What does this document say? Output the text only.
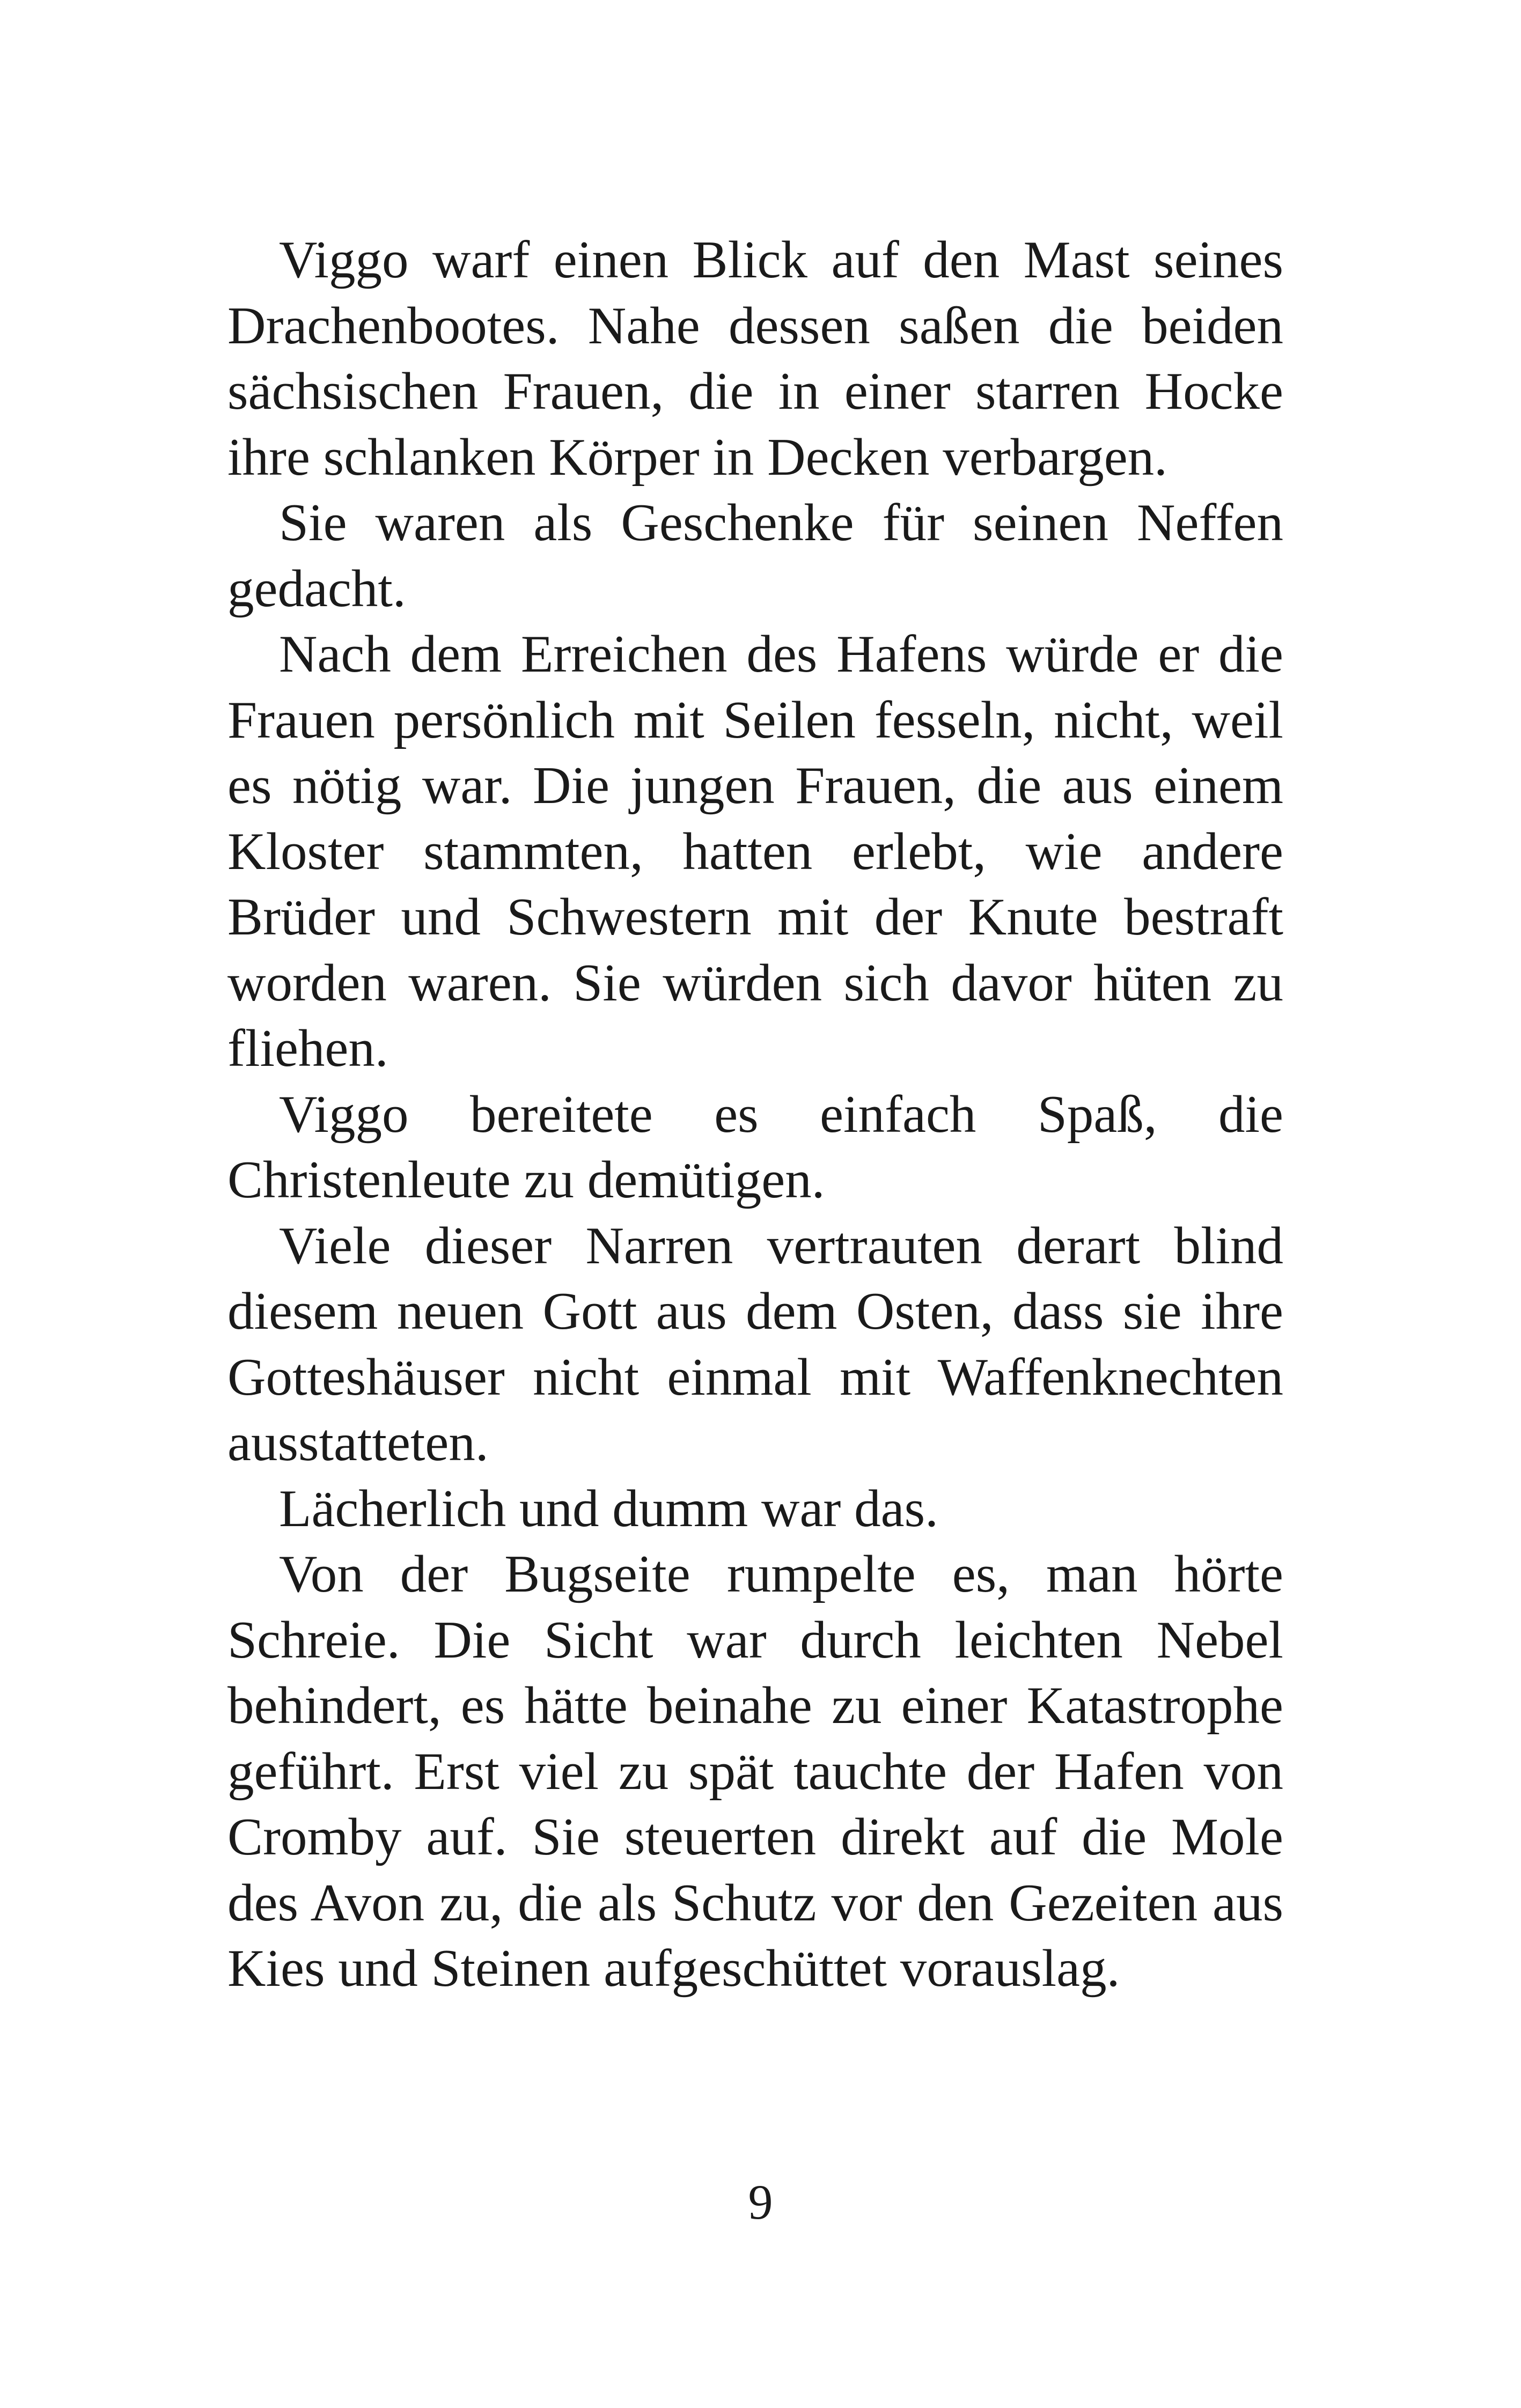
Viggo warf einen Blick auf den Mast seines Drachenbootes. Nahe dessen saßen die beiden sächsischen Frauen, die in einer starren Hocke ihre schlanken Körper in Decken verbargen.

Sie waren als Geschenke für seinen Neffen gedacht.

Nach dem Erreichen des Hafens würde er die Frauen persönlich mit Seilen fesseln, nicht, weil es nötig war. Die jungen Frauen, die aus einem Kloster stammten, hatten erlebt, wie andere Brüder und Schwestern mit der Knute bestraft worden waren. Sie würden sich davor hüten zu fliehen.

Viggo bereitete es einfach Spaß, die Christenleute zu demütigen.

Viele dieser Narren vertrauten derart blind diesem neuen Gott aus dem Osten, dass sie ihre Gotteshäuser nicht einmal mit Waffenknechten ausstatteten.

Lächerlich und dumm war das.

Von der Bugseite rumpelte es, man hörte Schreie. Die Sicht war durch leichten Nebel behindert, es hätte beinahe zu einer Katastrophe geführt. Erst viel zu spät tauchte der Hafen von Cromby auf. Sie steuerten direkt auf die Mole des Avon zu, die als Schutz vor den Gezeiten aus Kies und Steinen aufgeschüttet vorauslag.

9
